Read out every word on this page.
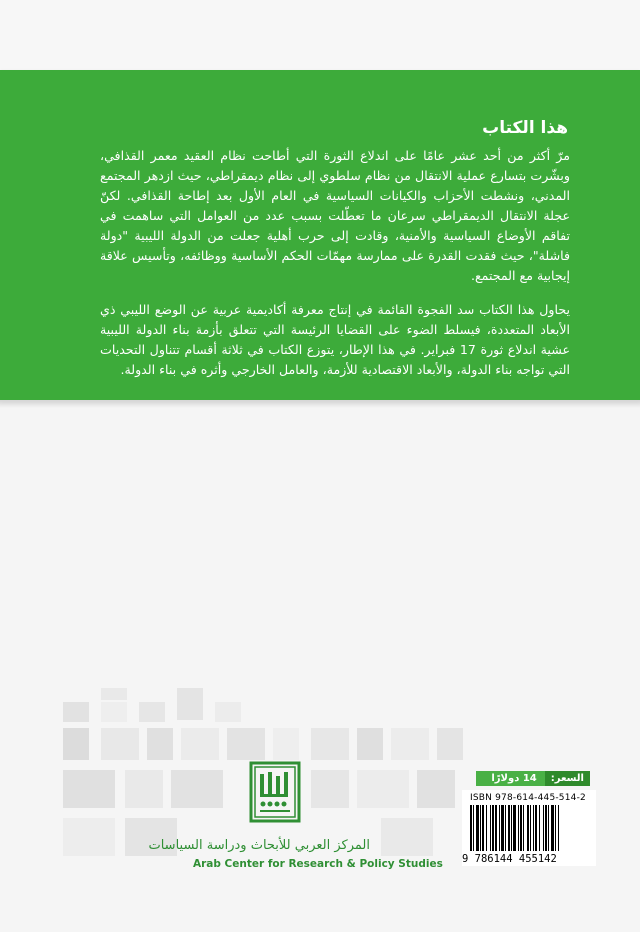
هذا الكتاب

مرّ أكثر من أحد عشر عامًا على اندلاع الثورة التي أطاحت نظام العقيد معمر القذافي، وبشّرت بتسارع عملية الانتقال من نظام سلطوي إلى نظام ديمقراطي، حيث ازدهر المجتمع المدني، ونشطت الأحزاب والكيانات السياسية في العام الأول بعد إطاحة القذافي. لكنّ عجلة الانتقال الديمقراطي سرعان ما تعطّلت بسبب عدد من العوامل التي ساهمت في تفاقم الأوضاع السياسية والأمنية، وقادت إلى حرب أهلية جعلت من الدولة الليبية "دولة فاشلة"، حيث فقدت القدرة على ممارسة مهمّات الحكم الأساسية ووظائفه، وتأسيس علاقة إيجابية مع المجتمع.

يحاول هذا الكتاب سد الفجوة القائمة في إنتاج معرفة أكاديمية عربية عن الوضع الليبي ذي الأبعاد المتعددة، فيسلط الضوء على القضايا الرئيسة التي تتعلق بأزمة بناء الدولة الليبية عشية اندلاع ثورة 17 فبراير. في هذا الإطار، يتوزع الكتاب في ثلاثة أقسام تتناول التحديات التي تواجه بناء الدولة، والأبعاد الاقتصادية للأزمة، والعامل الخارجي وأثره في بناء الدولة.

المركز العربي للأبحاث ودراسة السياسات
Arab Center for Research & Policy Studies
السعر:
14 دولارًا
ISBN 978-614-445-514-2
9 786144 455142
